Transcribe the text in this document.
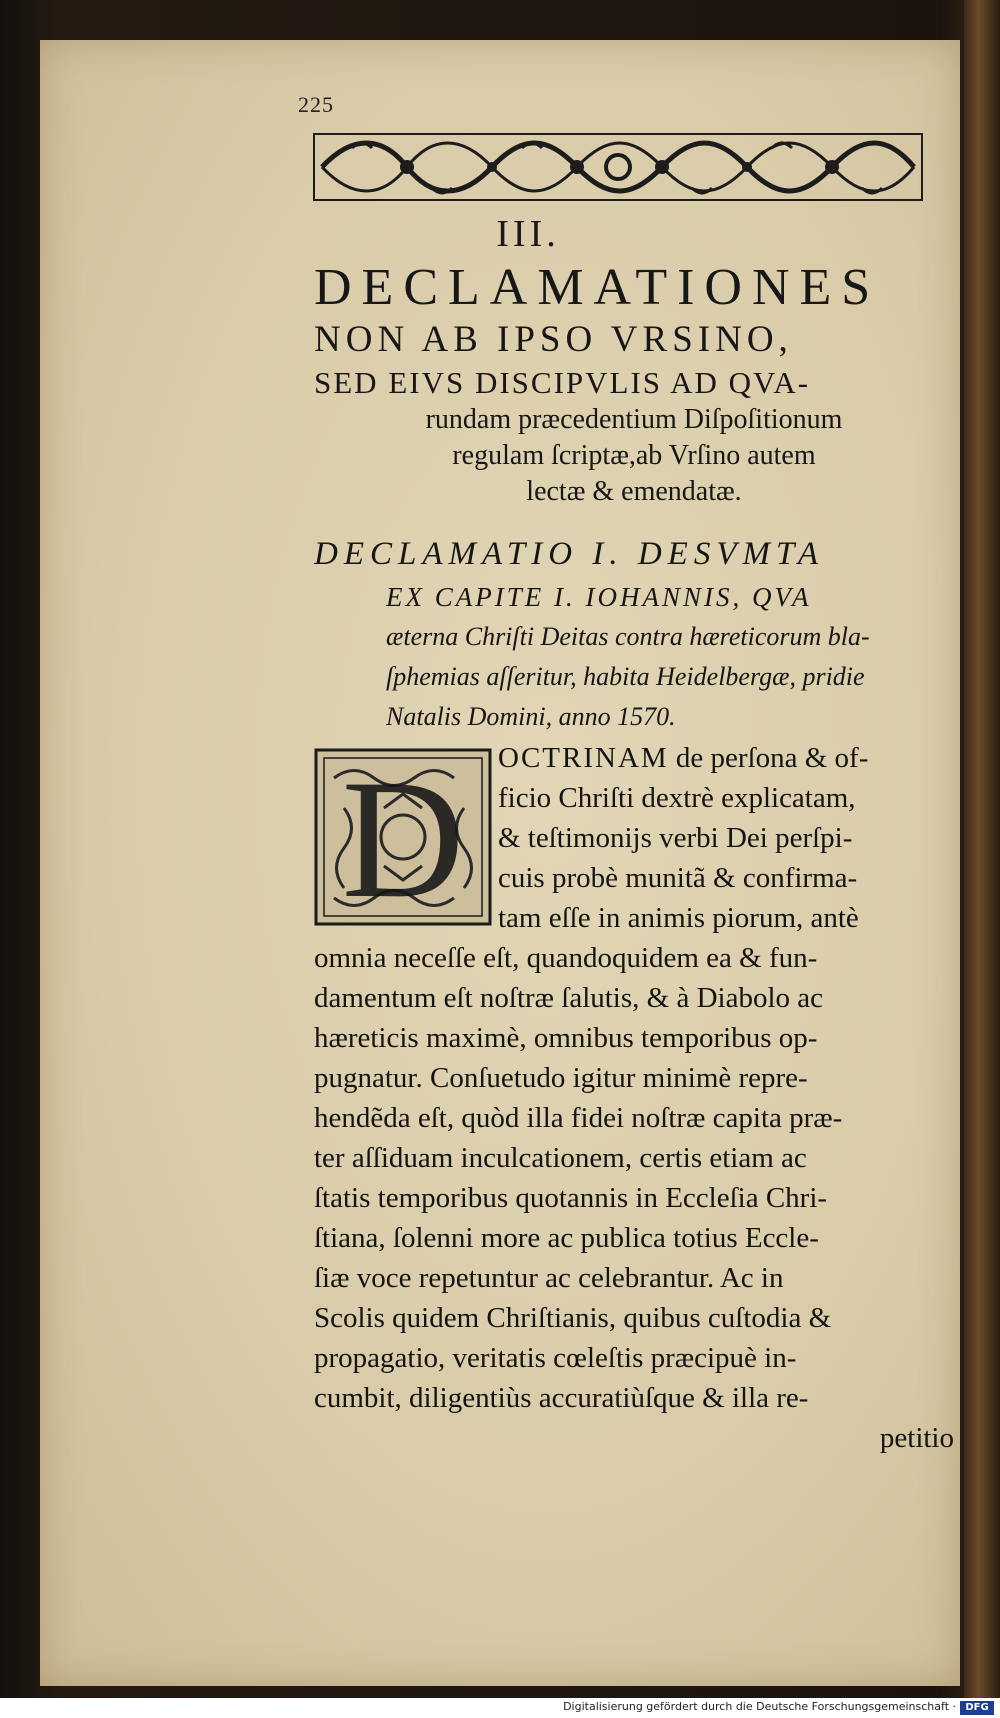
225
III.
DECLAMATIONES
NON AB IPSO VRSINO,
SED EIVS DISCIPVLIS AD QVA-
rundam præcedentium Diſpoſitionum
regulam ſcriptæ,ab Vrſino autem
lectæ & emendatæ.
DECLAMATIO I. DESVMTA
EX CAPITE I. IOHANNIS, QVA
æterna Chriſti Deitas contra hæreticorum bla-
ſphemias aſſeritur, habita Heidelbergæ, pridie
Natalis Domini, anno 1570.
D OCTRINAM de perſona & of-
ficio Chriſti dextrè explicatam,
& teſtimonijs verbi Dei perſpi-
cuis probè munitã & confirma-
tam eſſe in animis piorum, antè
omnia neceſſe eſt, quandoquidem ea & fun-
damentum eſt noſtræ ſalutis, & à Diabolo ac
hæreticis maximè, omnibus temporibus op-
pugnatur. Conſuetudo igitur minimè repre-
hendẽda eſt, quòd illa fidei noſtræ capita præ-
ter aſſiduam inculcationem, certis etiam ac
ſtatis temporibus quotannis in Eccleſia Chri-
ſtiana, ſolenni more ac publica totius Eccle-
ſiæ voce repetuntur ac celebrantur. Ac in
Scolis quidem Chriſtianis, quibus cuſtodia &
propagatio, veritatis cœleſtis præcipuè in-
cumbit, diligentiùs accuratiùſque & illa re-
petitio
Digitalisierung gefördert durch die Deutsche Forschungsgemeinschaft · DFG
